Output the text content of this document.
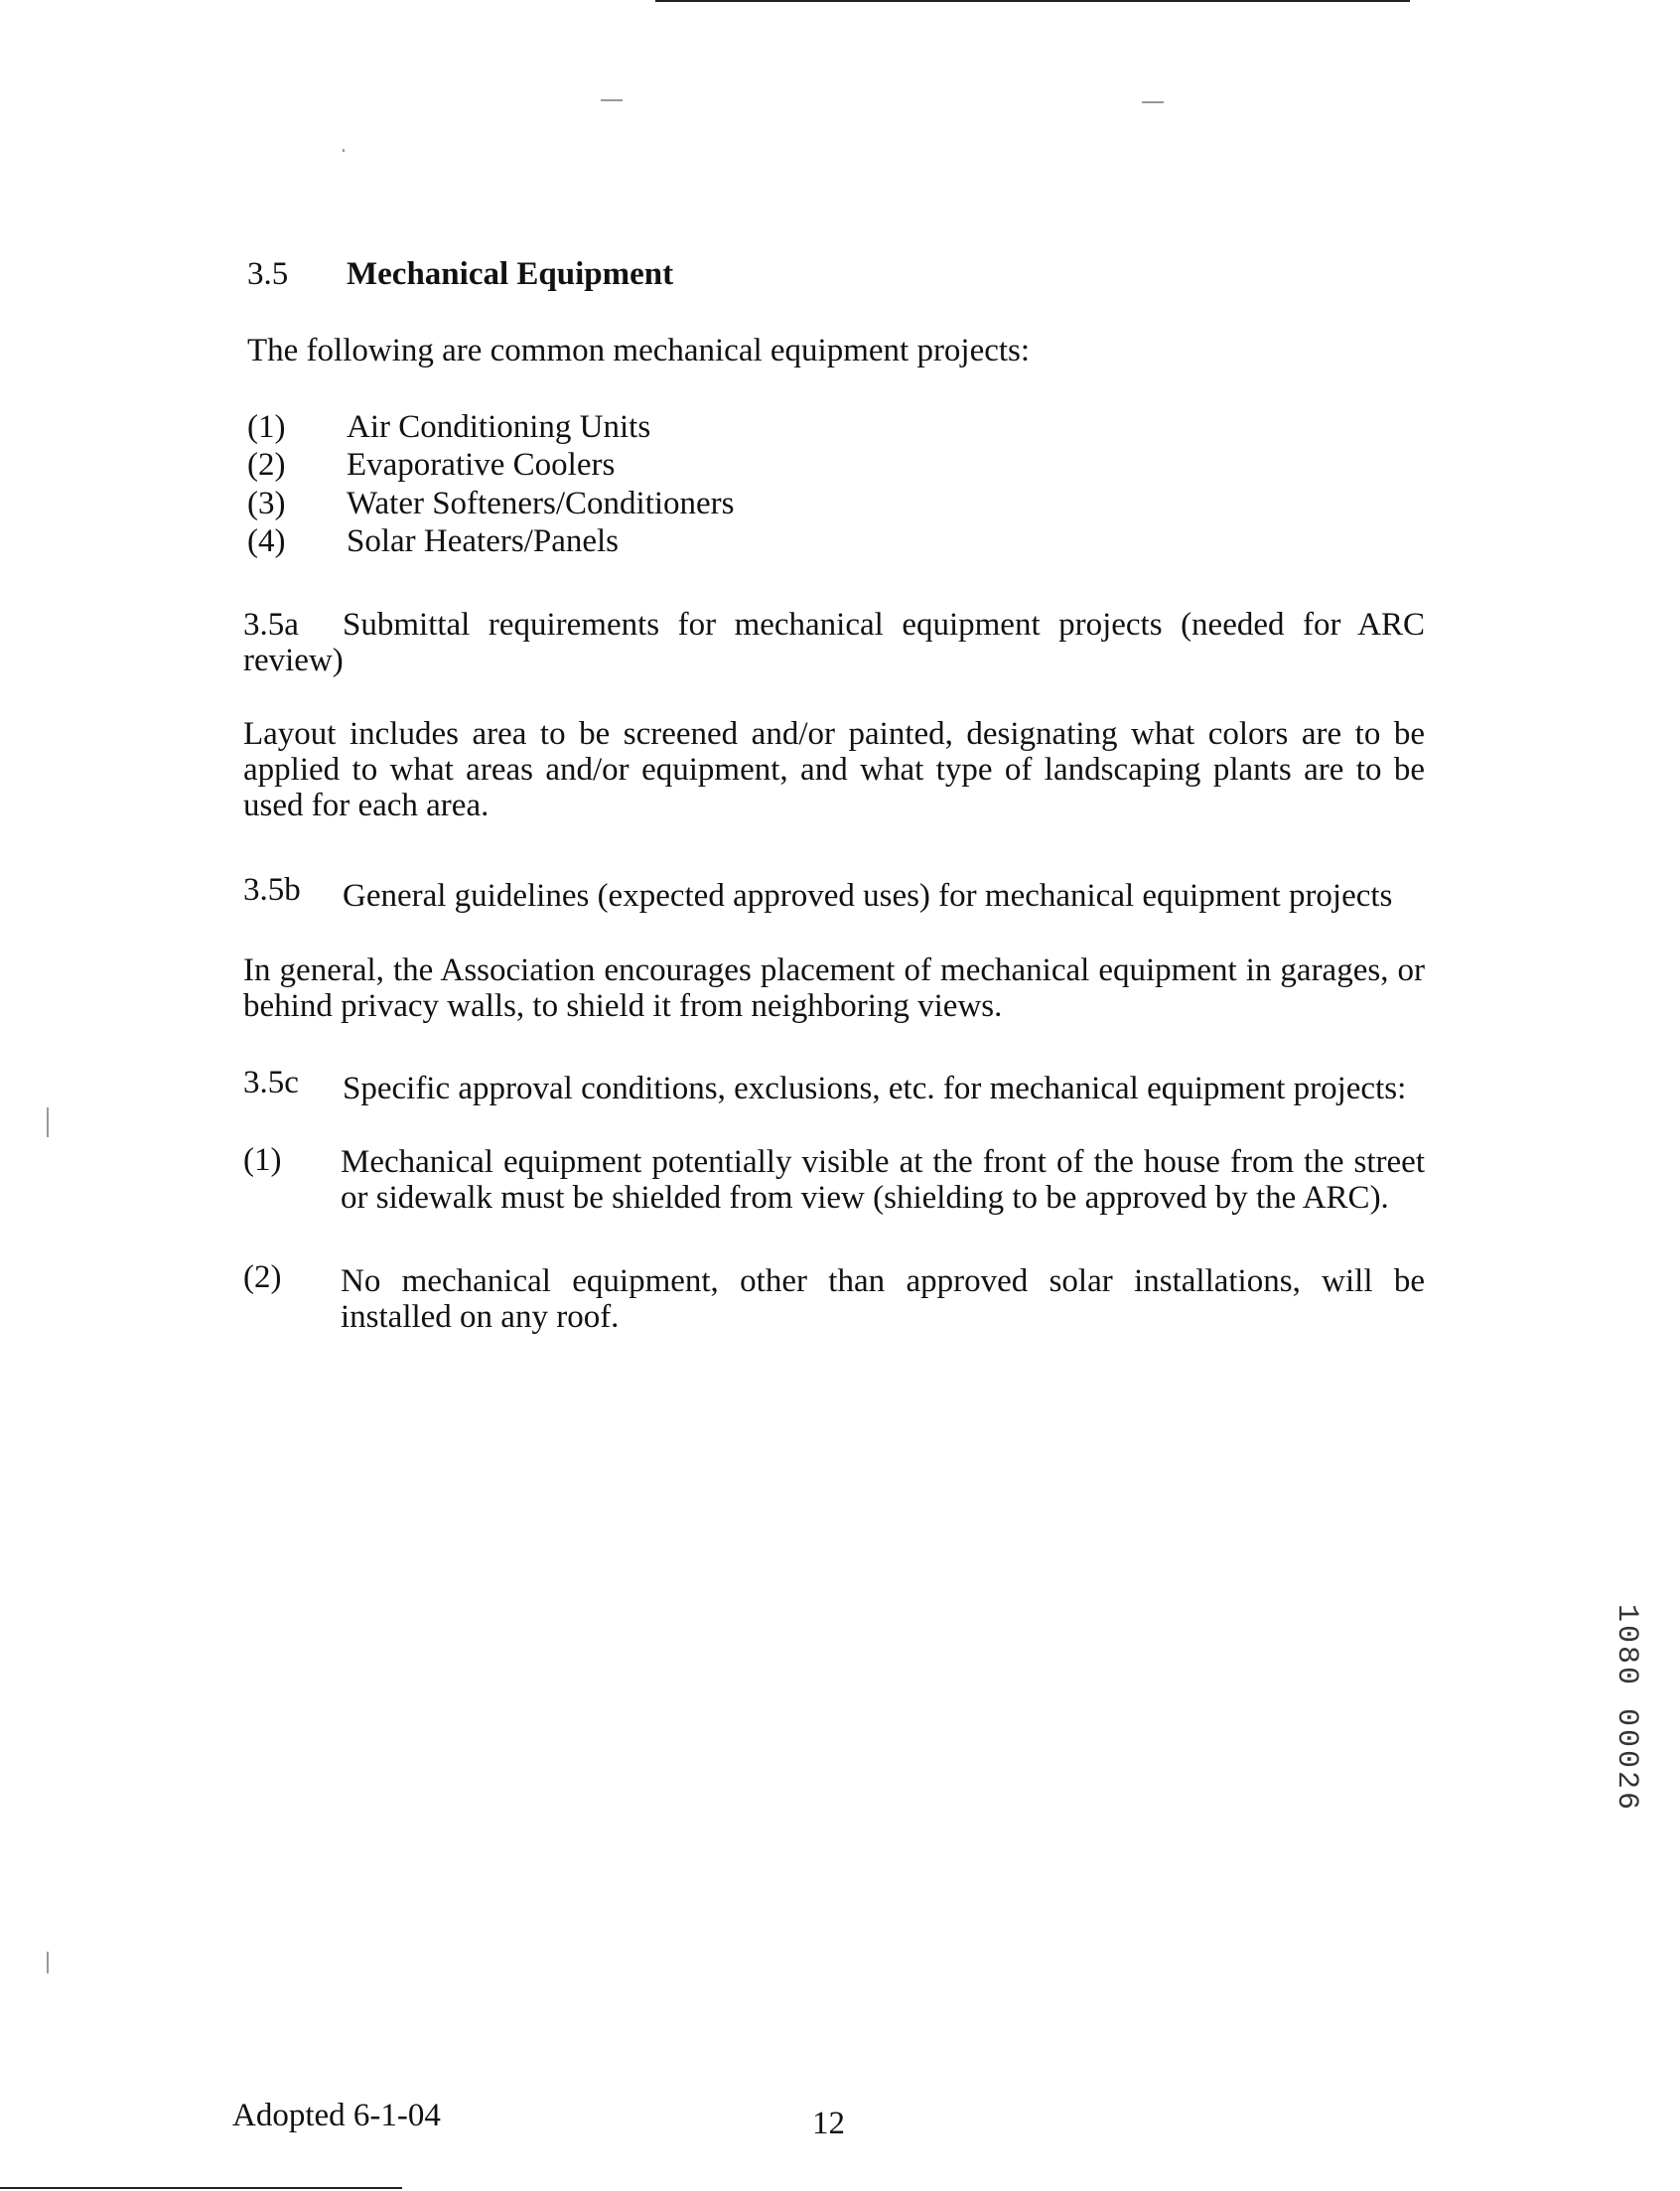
3.5 Mechanical Equipment
The following are common mechanical equipment projects:
(1) Air Conditioning Units
(2) Evaporative Coolers
(3) Water Softeners/Conditioners
(4) Solar Heaters/Panels
3.5a Submittal requirements for mechanical equipment projects (needed for ARC review)
Layout includes area to be screened and/or painted, designating what colors are to be applied to what areas and/or equipment, and what type of landscaping plants are to be used for each area.
3.5b General guidelines (expected approved uses) for mechanical equipment projects
In general, the Association encourages placement of mechanical equipment in garages, or behind privacy walls, to shield it from neighboring views.
3.5c Specific approval conditions, exclusions, etc. for mechanical equipment projects:
(1) Mechanical equipment potentially visible at the front of the house from the street or sidewalk must be shielded from view (shielding to be approved by the ARC).
(2) No mechanical equipment, other than approved solar installations, will be installed on any roof.
1080 00026
Adopted 6-1-04	12
